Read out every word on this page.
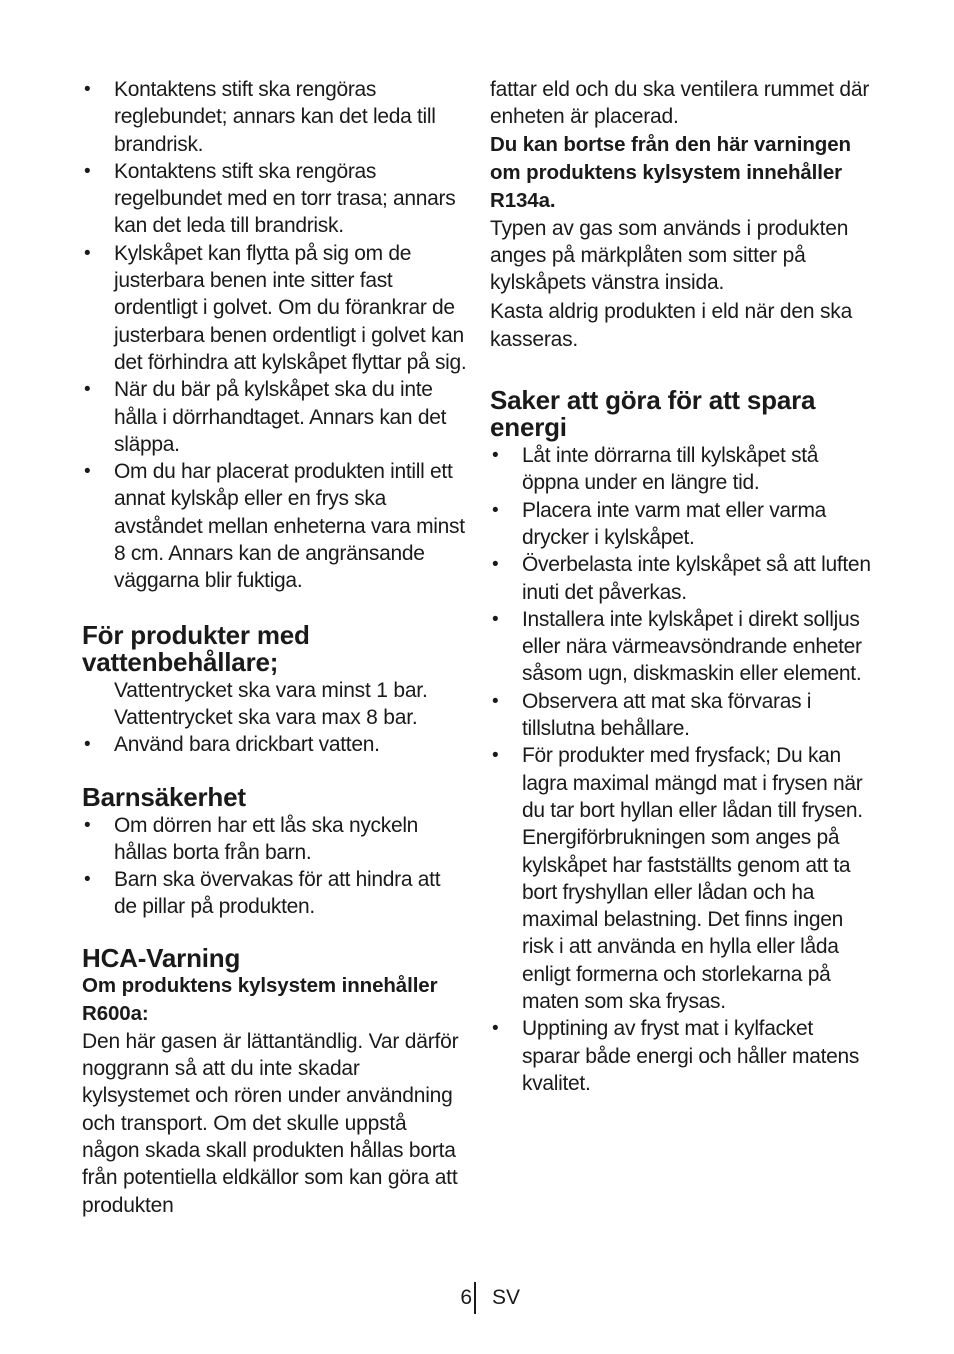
• Kontaktens stift ska rengöras reglebundet; annars kan det leda till brandrisk.
• Kontaktens stift ska rengöras regelbundet med en torr trasa; annars kan det leda till brandrisk.
• Kylskåpet kan flytta på sig om de justerbara benen inte sitter fast ordentligt i golvet. Om du förankrar de justerbara benen ordentligt i golvet kan det förhindra att kylskåpet flyttar på sig.
• När du bär på kylskåpet ska du inte hålla i dörrhandtaget. Annars kan det släppa.
• Om du har placerat produkten intill ett annat kylskåp eller en frys ska avståndet mellan enheterna vara minst 8 cm. Annars kan de angränsande väggarna blir fuktiga.
För produkter med vattenbehållare;

Vattentrycket ska vara minst 1 bar.

Vattentrycket ska vara max 8 bar.

• Använd bara drickbart vatten.
Barnsäkerhet
• Om dörren har ett lås ska nyckeln hållas borta från barn.
• Barn ska övervakas för att hindra att de pillar på produkten.
HCA-Varning

Om produktens kylsystem innehåller R600a:

Den här gasen är lättantändlig. Var därför noggrann så att du inte skadar kylsystemet och rören under användning och transport. Om det skulle uppstå någon skada skall produkten hållas borta från potentiella eldkällor som kan göra att produkten

fattar eld och du ska ventilera rummet där enheten är placerad.

Du kan bortse från den här varningen om produktens kylsystem innehåller R134a.

Typen av gas som används i produkten anges på märkplåten som sitter på kylskåpets vänstra insida.

Kasta aldrig produkten i eld när den ska kasseras.

Saker att göra för att spara energi
• Låt inte dörrarna till kylskåpet stå öppna under en längre tid.
• Placera inte varm mat eller varma drycker i kylskåpet.
• Överbelasta inte kylskåpet så att luften inuti det påverkas.
• Installera inte kylskåpet i direkt solljus eller nära värmeavsöndrande enheter såsom ugn, diskmaskin eller element.
• Observera att mat ska förvaras i tillslutna behållare.
• För produkter med frysfack; Du kan lagra maximal mängd mat i frysen när du tar bort hyllan eller lådan till frysen. Energiförbrukningen som anges på kylskåpet har fastställts genom att ta bort fryshyllan eller lådan och ha maximal belastning. Det finns ingen risk i att använda en hylla eller låda enligt formerna och storlekarna på maten som ska frysas.
• Upptining av fryst mat i kylfacket sparar både energi och håller matens kvalitet.
6 SV
